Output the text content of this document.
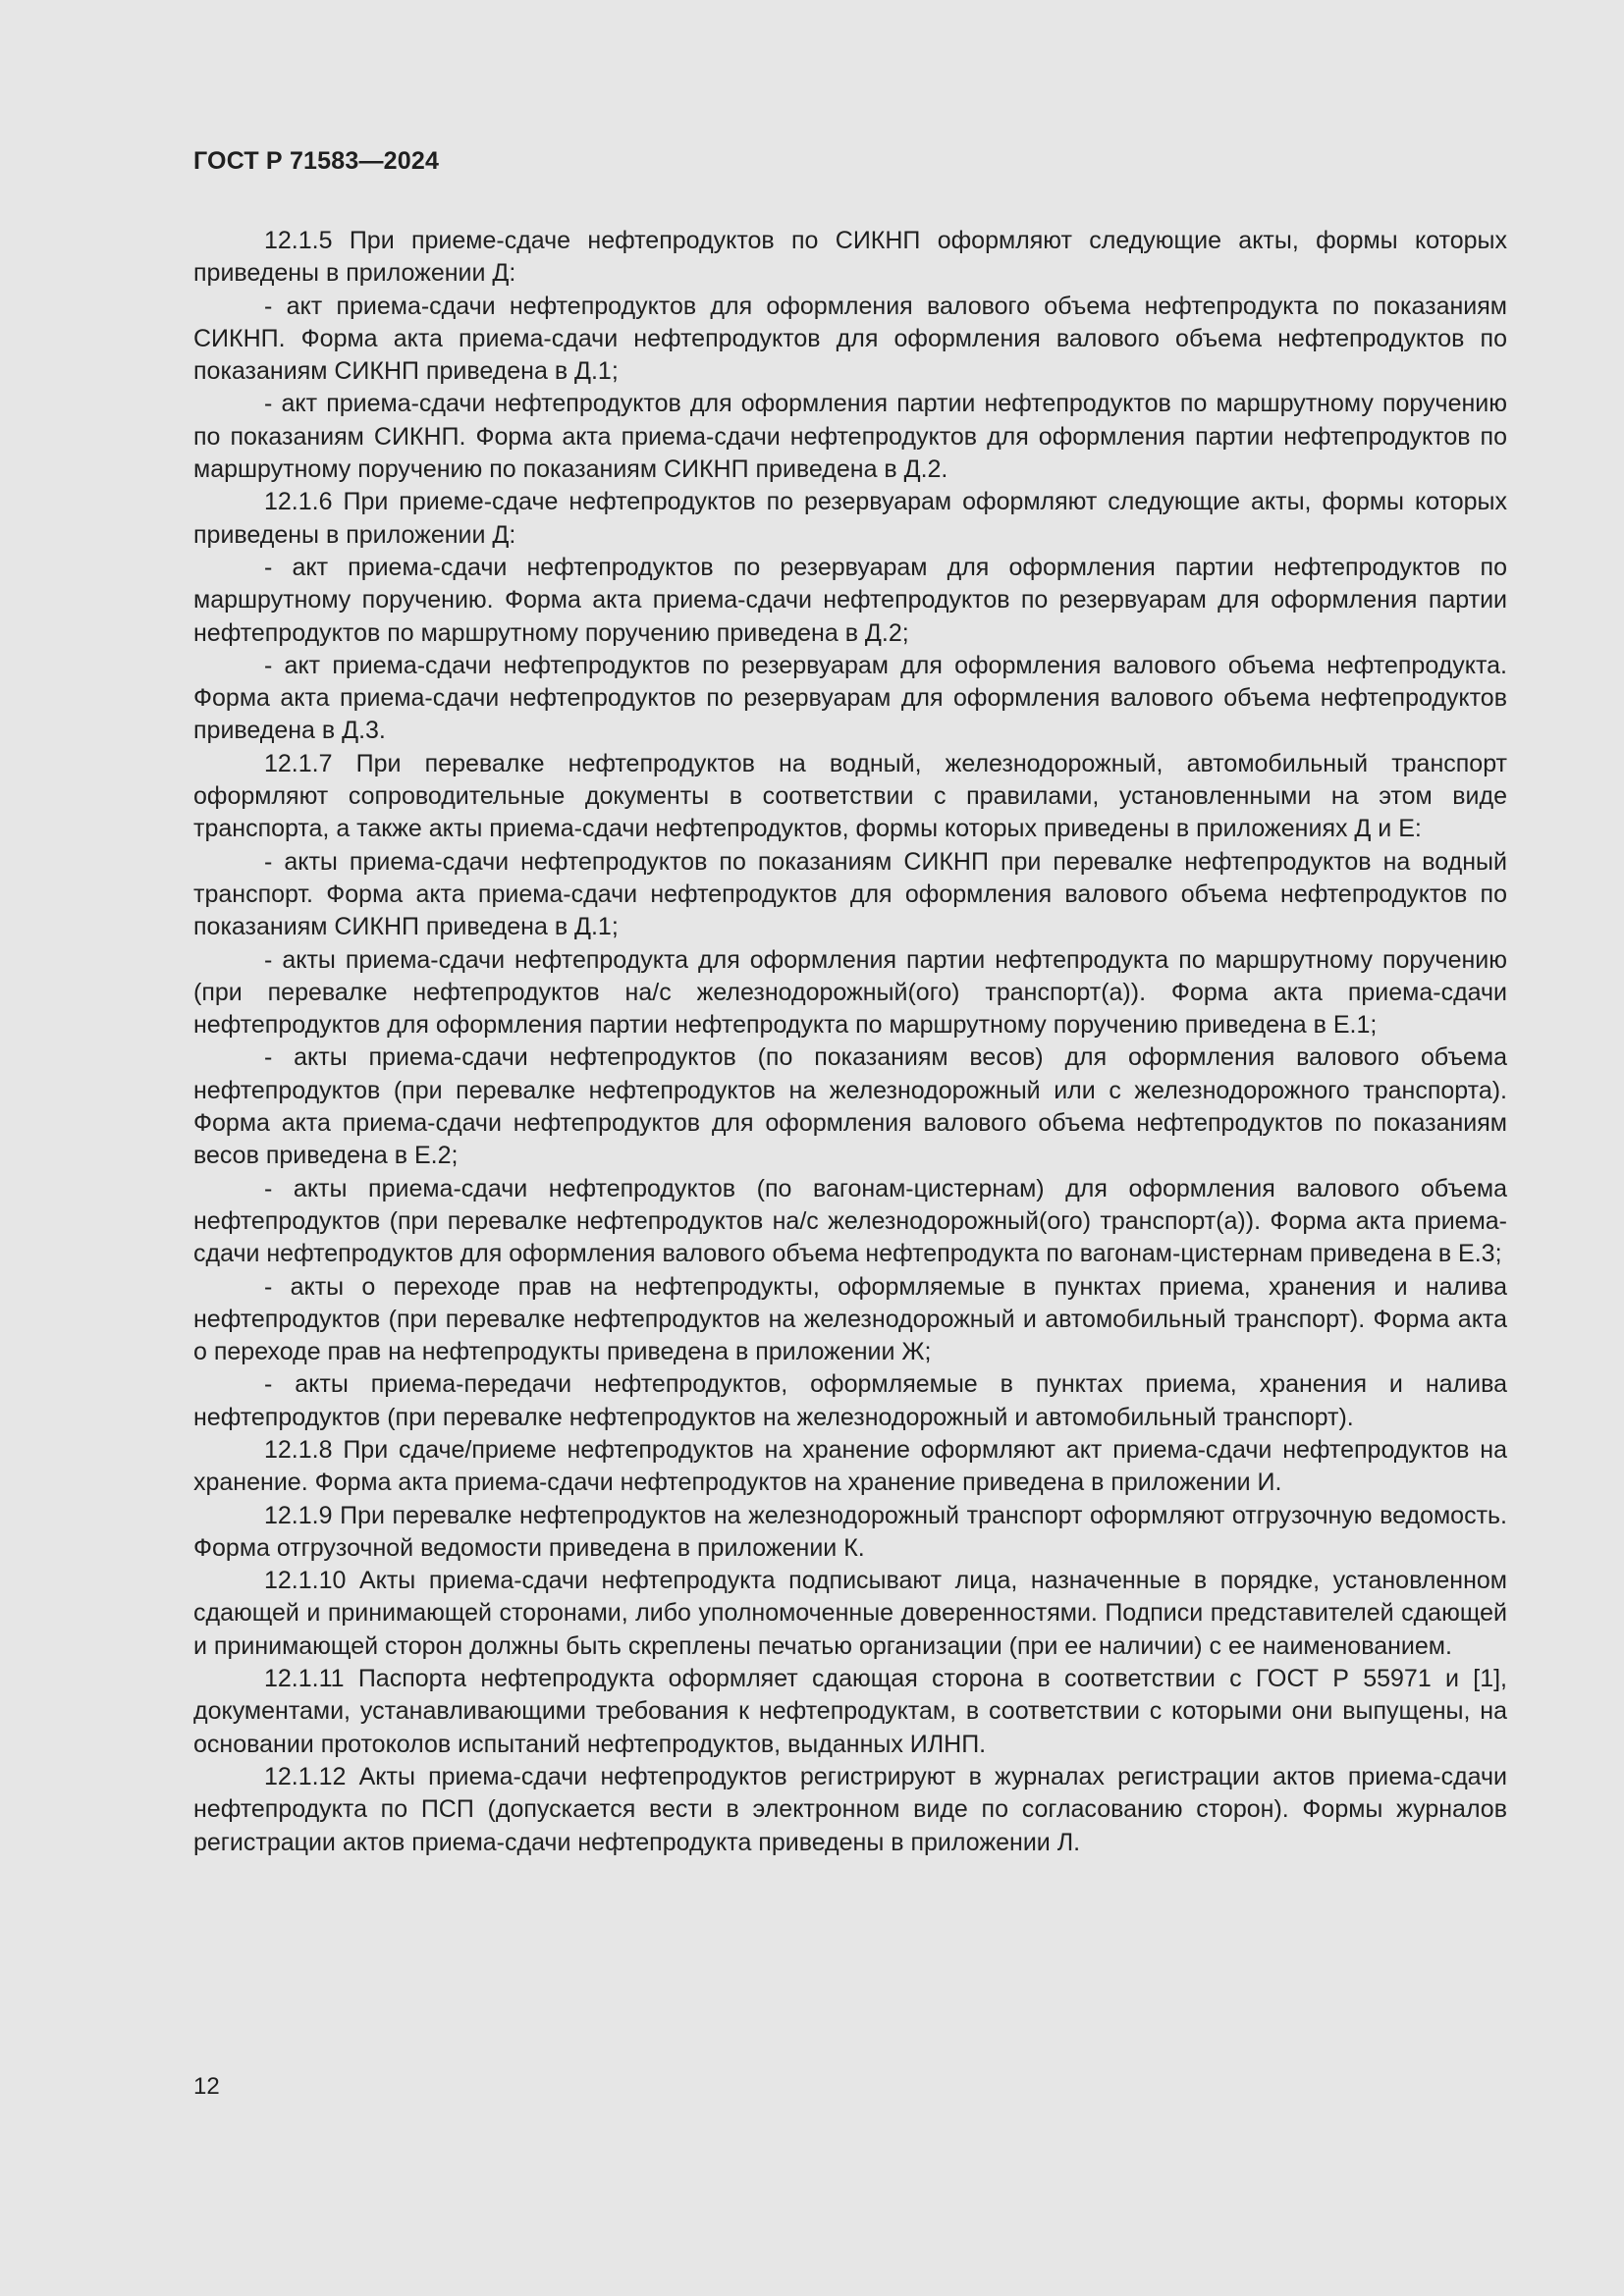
ГОСТ Р 71583—2024

12.1.5 При приеме-сдаче нефтепродуктов по СИКНП оформляют следующие акты, формы которых приведены в приложении Д:

- акт приема-сдачи нефтепродуктов для оформления валового объема нефтепродукта по показаниям СИКНП. Форма акта приема-сдачи нефтепродуктов для оформления валового объема нефтепродуктов по показаниям СИКНП приведена в Д.1;

- акт приема-сдачи нефтепродуктов для оформления партии нефтепродуктов по маршрутному поручению по показаниям СИКНП. Форма акта приема-сдачи нефтепродуктов для оформления партии нефтепродуктов по маршрутному поручению по показаниям СИКНП приведена в Д.2.

12.1.6 При приеме-сдаче нефтепродуктов по резервуарам оформляют следующие акты, формы которых приведены в приложении Д:

- акт приема-сдачи нефтепродуктов по резервуарам для оформления партии нефтепродуктов по маршрутному поручению. Форма акта приема-сдачи нефтепродуктов по резервуарам для оформления партии нефтепродуктов по маршрутному поручению приведена в Д.2;

- акт приема-сдачи нефтепродуктов по резервуарам для оформления валового объема нефтепродукта. Форма акта приема-сдачи нефтепродуктов по резервуарам для оформления валового объема нефтепродуктов приведена в Д.3.

12.1.7 При перевалке нефтепродуктов на водный, железнодорожный, автомобильный транспорт оформляют сопроводительные документы в соответствии с правилами, установленными на этом виде транспорта, а также акты приема-сдачи нефтепродуктов, формы которых приведены в приложениях Д и Е:

- акты приема-сдачи нефтепродуктов по показаниям СИКНП при перевалке нефтепродуктов на водный транспорт. Форма акта приема-сдачи нефтепродуктов для оформления валового объема нефтепродуктов по показаниям СИКНП приведена в Д.1;

- акты приема-сдачи нефтепродукта для оформления партии нефтепродукта по маршрутному поручению (при перевалке нефтепродуктов на/с железнодорожный(ого) транспорт(а)). Форма акта приема-сдачи нефтепродуктов для оформления партии нефтепродукта по маршрутному поручению приведена в Е.1;

- акты приема-сдачи нефтепродуктов (по показаниям весов) для оформления валового объема нефтепродуктов (при перевалке нефтепродуктов на железнодорожный или с железнодорожного транспорта). Форма акта приема-сдачи нефтепродуктов для оформления валового объема нефтепродуктов по показаниям весов приведена в Е.2;

- акты приема-сдачи нефтепродуктов (по вагонам-цистернам) для оформления валового объема нефтепродуктов (при перевалке нефтепродуктов на/с железнодорожный(ого) транспорт(а)). Форма акта приема-сдачи нефтепродуктов для оформления валового объема нефтепродукта по вагонам-цистернам приведена в Е.3;

- акты о переходе прав на нефтепродукты, оформляемые в пунктах приема, хранения и налива нефтепродуктов (при перевалке нефтепродуктов на железнодорожный и автомобильный транспорт). Форма акта о переходе прав на нефтепродукты приведена в приложении Ж;

- акты приема-передачи нефтепродуктов, оформляемые в пунктах приема, хранения и налива нефтепродуктов (при перевалке нефтепродуктов на железнодорожный и автомобильный транспорт).

12.1.8 При сдаче/приеме нефтепродуктов на хранение оформляют акт приема-сдачи нефтепродуктов на хранение. Форма акта приема-сдачи нефтепродуктов на хранение приведена в приложении И.

12.1.9 При перевалке нефтепродуктов на железнодорожный транспорт оформляют отгрузочную ведомость. Форма отгрузочной ведомости приведена в приложении К.

12.1.10 Акты приема-сдачи нефтепродукта подписывают лица, назначенные в порядке, установленном сдающей и принимающей сторонами, либо уполномоченные доверенностями. Подписи представителей сдающей и принимающей сторон должны быть скреплены печатью организации (при ее наличии) с ее наименованием.

12.1.11 Паспорта нефтепродукта оформляет сдающая сторона в соответствии с ГОСТ Р 55971 и [1], документами, устанавливающими требования к нефтепродуктам, в соответствии с которыми они выпущены, на основании протоколов испытаний нефтепродуктов, выданных ИЛНП.

12.1.12 Акты приема-сдачи нефтепродуктов регистрируют в журналах регистрации актов приема-сдачи нефтепродукта по ПСП (допускается вести в электронном виде по согласованию сторон). Формы журналов регистрации актов приема-сдачи нефтепродукта приведены в приложении Л.

12
